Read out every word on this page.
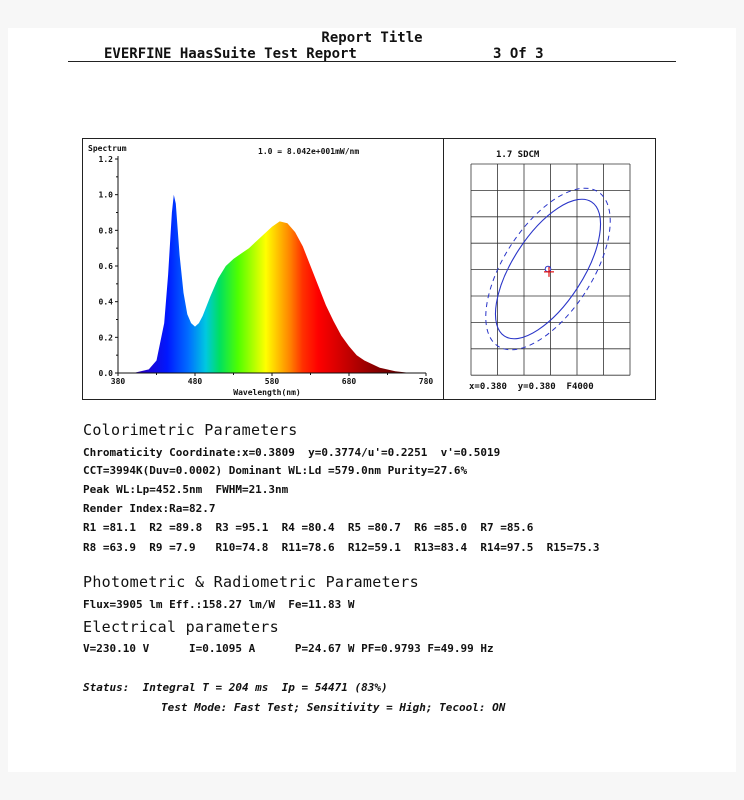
Report Title
EVERFINE HaasSuite Test Report	3 Of 3
Spectrum	1.0 = 8.042e+001mW/nm
Wavelength(nm)
0.0
0.2
0.4
0.6
0.8
1.0
1.2
380	480	580	680	780
1.7 SDCM
x=0.380  y=0.380  F4000
Colorimetric Parameters
Chromaticity Coordinate:x=0.3809  y=0.3774/u'=0.2251  v'=0.5019
CCT=3994K(Duv=0.0002) Dominant WL:Ld =579.0nm Purity=27.6%
Peak WL:Lp=452.5nm  FWHM=21.3nm
Render Index:Ra=82.7
R1 =81.1  R2 =89.8  R3 =95.1  R4 =80.4  R5 =80.7  R6 =85.0  R7 =85.6
R8 =63.9  R9 =7.9   R10=74.8  R11=78.6  R12=59.1  R13=83.4  R14=97.5  R15=75.3
Photometric & Radiometric Parameters
Flux=3905 lm Eff.:158.27 lm/W  Fe=11.83 W
Electrical parameters
V=230.10 V      I=0.1095 A      P=24.67 W PF=0.9793 F=49.99 Hz
Status:  Integral T = 204 ms  Ip = 54471 (83%)
Test Mode: Fast Test; Sensitivity = High; Tecool: ON
